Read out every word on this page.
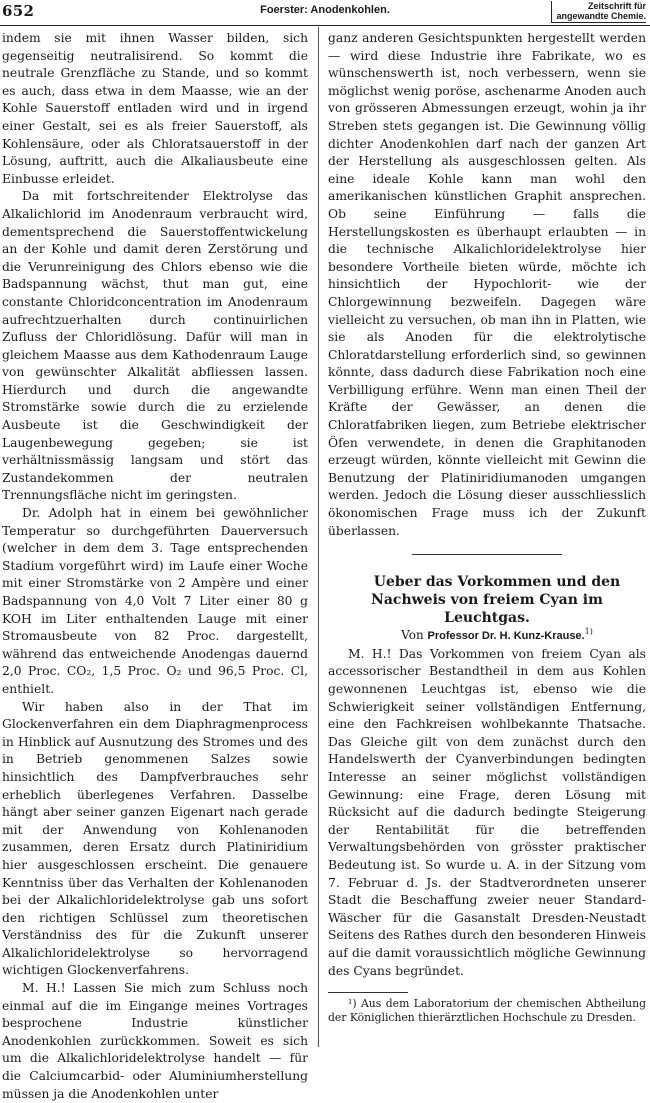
652	Foerster: Anodenkohlen.	Zeitschrift für
angewandte Chemie.

indem sie mit ihnen Wasser bilden, sich gegenseitig neutralisirend. So kommt die neutrale Grenzfläche zu Stande, und so kommt es auch, dass etwa in dem Maasse, wie an der Kohle Sauerstoff entladen wird und in irgend einer Gestalt, sei es als freier Sauerstoff, als Kohlensäure, oder als Chloratsauerstoff in der Lösung, auftritt, auch die Alkaliausbeute eine Einbusse erleidet.

Da mit fortschreitender Elektrolyse das Alkalichlorid im Anodenraum verbraucht wird, dementsprechend die Sauerstoffentwickelung an der Kohle und damit deren Zerstörung und die Verunreinigung des Chlors ebenso wie die Badspannung wächst, thut man gut, eine constante Chloridconcentration im Anodenraum aufrechtzuerhalten durch continuirlichen Zufluss der Chloridlösung. Dafür will man in gleichem Maasse aus dem Kathodenraum Lauge von gewünschter Alkalität abfliessen lassen. Hierdurch und durch die angewandte Stromstärke sowie durch die zu erzielende Ausbeute ist die Geschwindigkeit der Laugenbewegung gegeben; sie ist verhältnissmässig langsam und stört das Zustandekommen der neutralen Trennungsfläche nicht im geringsten.

Dr. Adolph hat in einem bei gewöhnlicher Temperatur so durchgeführten Dauerversuch (welcher in dem dem 3. Tage entsprechenden Stadium vorgeführt wird) im Laufe einer Woche mit einer Stromstärke von 2 Ampère und einer Badspannung von 4,0 Volt 7 Liter einer 80 g KOH im Liter enthaltenden Lauge mit einer Stromausbeute von 82 Proc. dargestellt, während das entweichende Anodengas dauernd 2,0 Proc. CO₂, 1,5 Proc. O₂ und 96,5 Proc. Cl, enthielt.

Wir haben also in der That im Glockenverfahren ein dem Diaphragmenprocess in Hinblick auf Ausnutzung des Stromes und des in Betrieb genommenen Salzes sowie hinsichtlich des Dampfverbrauches sehr erheblich überlegenes Verfahren. Dasselbe hängt aber seiner ganzen Eigenart nach gerade mit der Anwendung von Kohlenanoden zusammen, deren Ersatz durch Platiniridium hier ausgeschlossen erscheint. Die genauere Kenntniss über das Verhalten der Kohlenanoden bei der Alkalichloridelektrolyse gab uns sofort den richtigen Schlüssel zum theoretischen Verständniss des für die Zukunft unserer Alkalichloridelektrolyse so hervorragend wichtigen Glockenverfahrens.

M. H.! Lassen Sie mich zum Schluss noch einmal auf die im Eingange meines Vortrages besprochene Industrie künstlicher Anodenkohlen zurückkommen. Soweit es sich um die Alkalichloridelektrolyse handelt — für die Calciumcarbid- oder Aluminiumherstellung müssen ja die Anodenkohlen unter

ganz anderen Gesichtspunkten hergestellt werden — wird diese Industrie ihre Fabrikate, wo es wünschenswerth ist, noch verbessern, wenn sie möglichst wenig poröse, aschenarme Anoden auch von grösseren Abmessungen erzeugt, wohin ja ihr Streben stets gegangen ist. Die Gewinnung völlig dichter Anodenkohlen darf nach der ganzen Art der Herstellung als ausgeschlossen gelten. Als eine ideale Kohle kann man wohl den amerikanischen künstlichen Graphit ansprechen. Ob seine Einführung — falls die Herstellungskosten es überhaupt erlaubten — in die technische Alkalichloridelektrolyse hier besondere Vortheile bieten würde, möchte ich hinsichtlich der Hypochlorit- wie der Chlorgewinnung bezweifeln. Dagegen wäre vielleicht zu versuchen, ob man ihn in Platten, wie sie als Anoden für die elektrolytische Chloratdarstellung erforderlich sind, so gewinnen könnte, dass dadurch diese Fabrikation noch eine Verbilligung erführe. Wenn man einen Theil der Kräfte der Gewässer, an denen die Chloratfabriken liegen, zum Betriebe elektrischer Öfen verwendete, in denen die Graphitanoden erzeugt würden, könnte vielleicht mit Gewinn die Benutzung der Platiniridiumanoden umgangen werden. Jedoch die Lösung dieser ausschliesslich ökonomischen Frage muss ich der Zukunft überlassen.

Ueber das Vorkommen und den Nachweis von freiem Cyan im Leuchtgas.

Von Professor Dr. H. Kunz-Krause.$^{1)}$

M. H.! Das Vorkommen von freiem Cyan als accessorischer Bestandtheil in dem aus Kohlen gewonnenen Leuchtgas ist, ebenso wie die Schwierigkeit seiner vollständigen Entfernung, eine den Fachkreisen wohlbekannte Thatsache. Das Gleiche gilt von dem zunächst durch den Handelswerth der Cyanverbindungen bedingten Interesse an seiner möglichst vollständigen Gewinnung: eine Frage, deren Lösung mit Rücksicht auf die dadurch bedingte Steigerung der Rentabilität für die betreffenden Verwaltungsbehörden von grösster praktischer Bedeutung ist. So wurde u. A. in der Sitzung vom 7. Februar d. Js. der Stadtverordneten unserer Stadt die Beschaffung zweier neuer Standard-Wäscher für die Gasanstalt Dresden-Neustadt Seitens des Rathes durch den besonderen Hinweis auf die damit voraussichtlich mögliche Gewinnung des Cyans begründet.

¹) Aus dem Laboratorium der chemischen Abtheilung der Königlichen thierärztlichen Hochschule zu Dresden.
